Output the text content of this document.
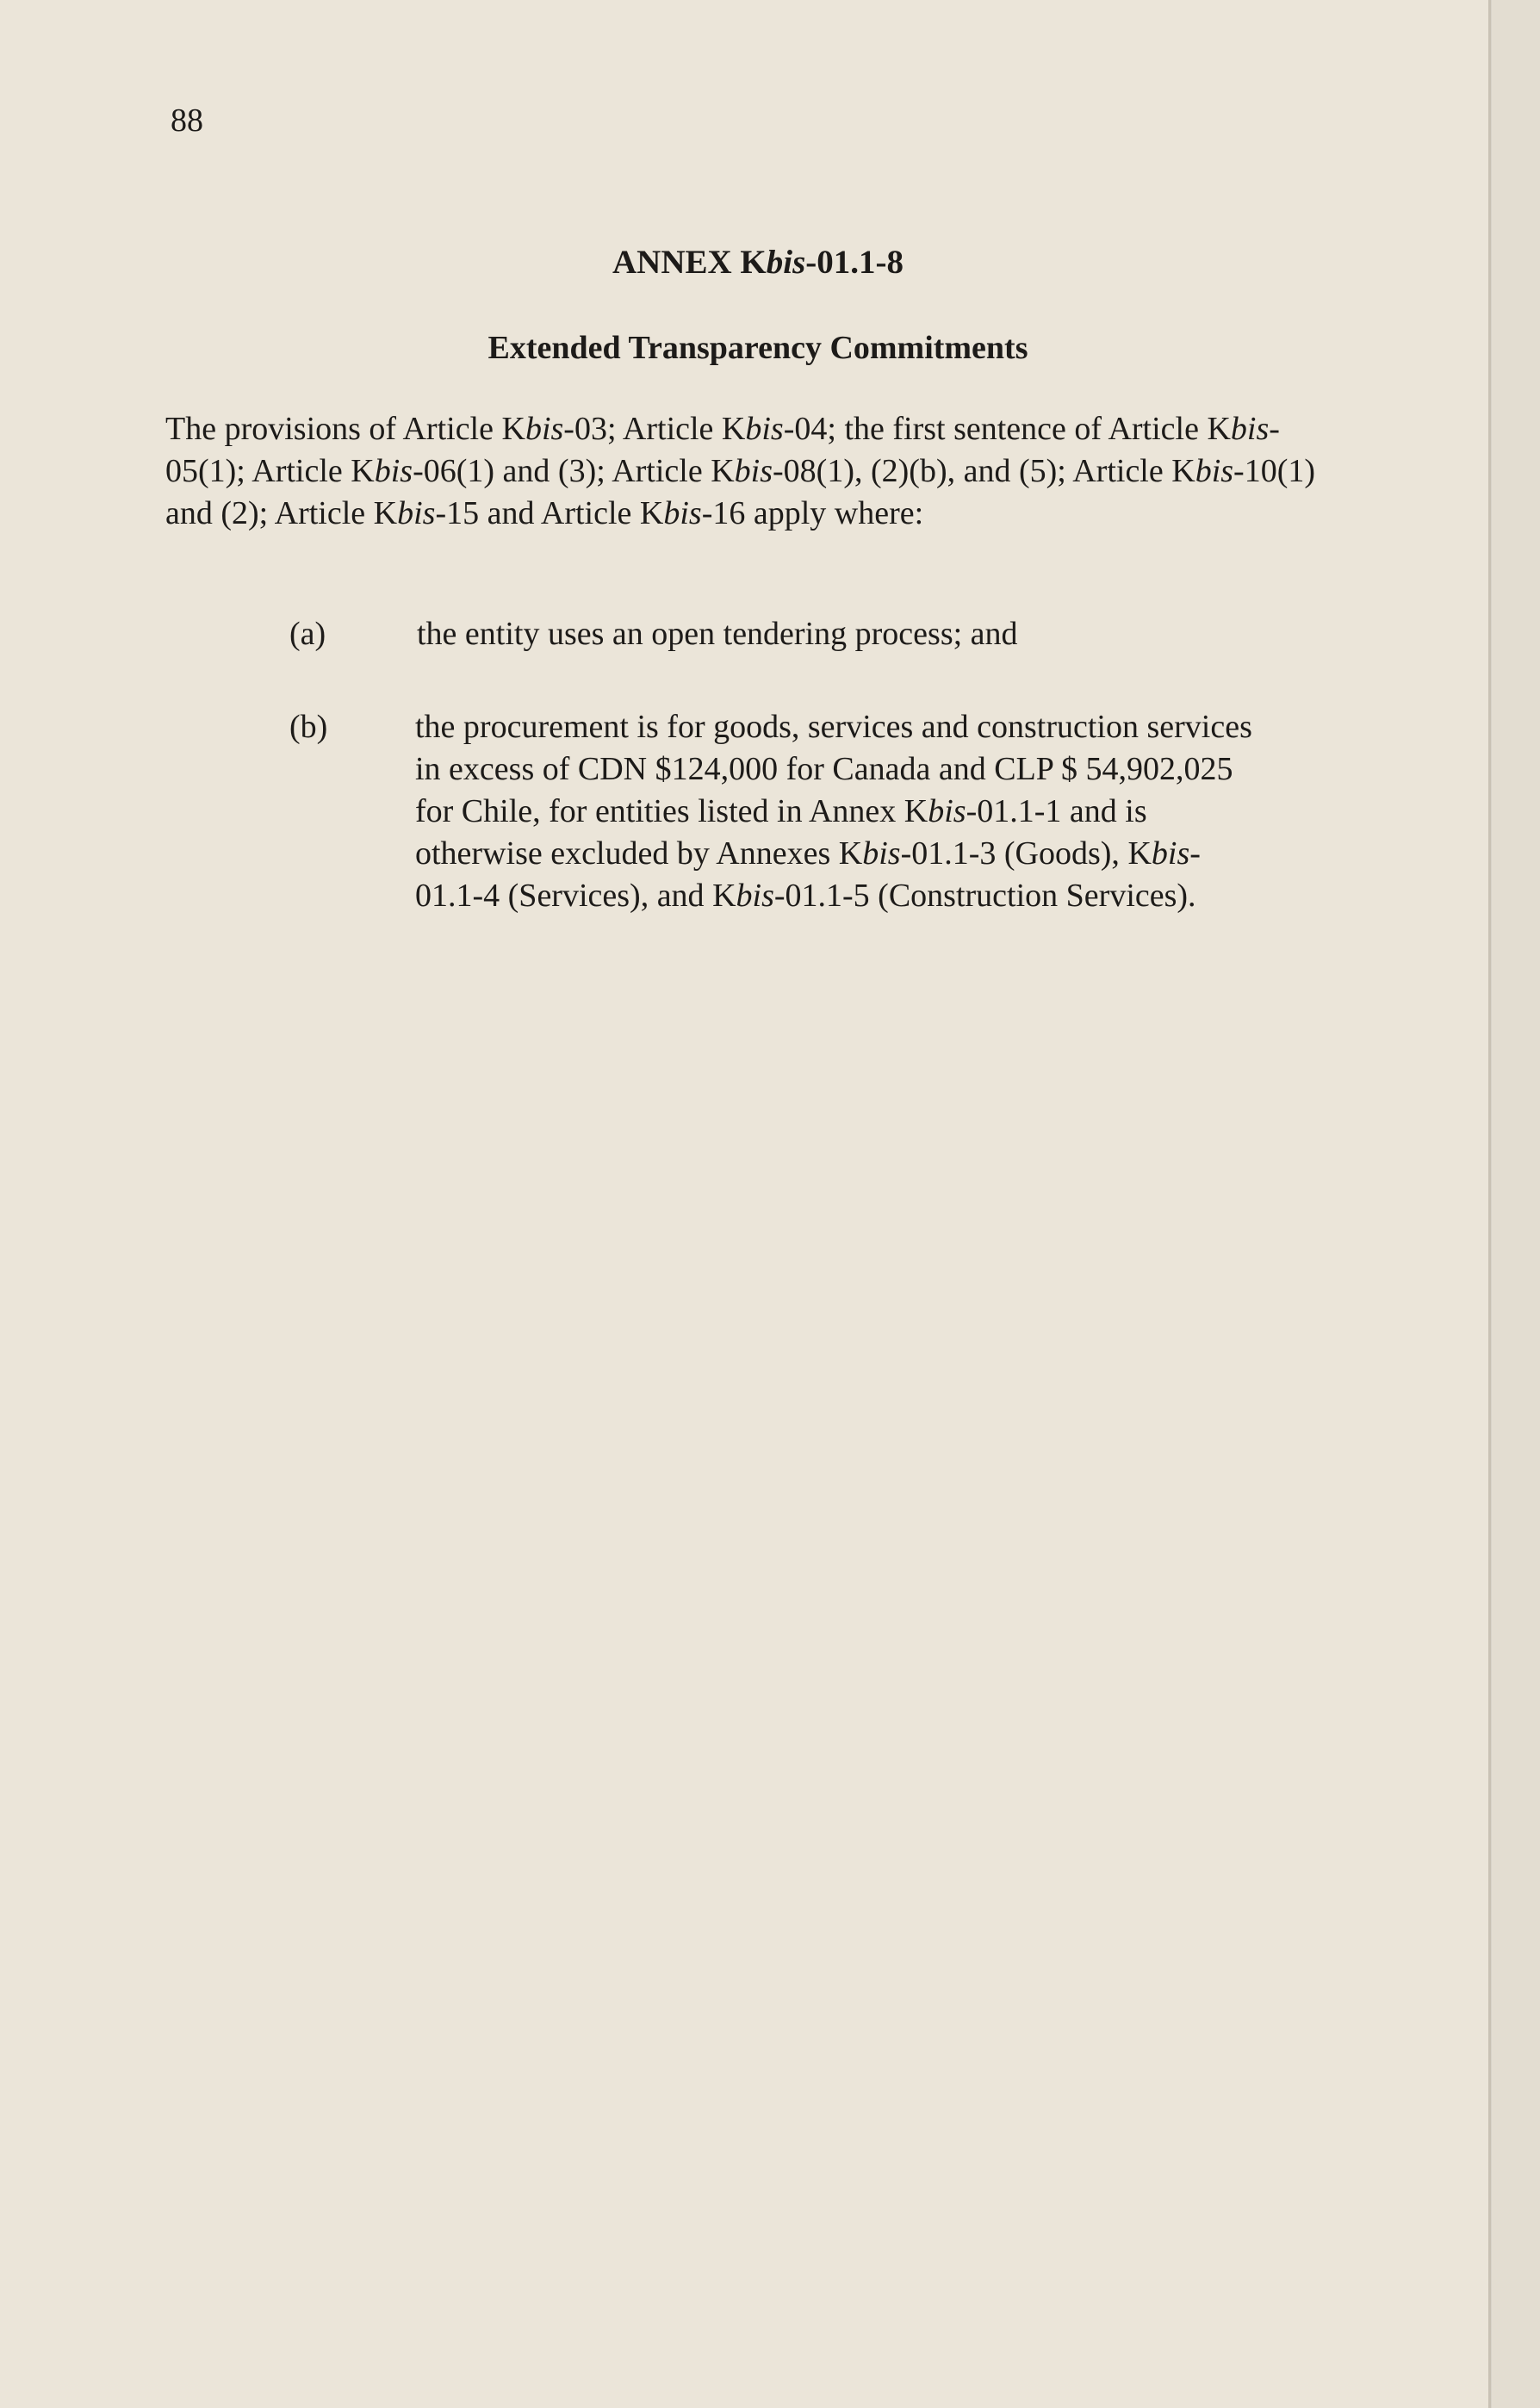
88

ANNEX Kbis-01.1-8
Extended Transparency Commitments

The provisions of Article Kbis-03; Article Kbis-04; the first sentence of Article Kbis-05(1); Article Kbis-06(1) and (3); Article Kbis-08(1), (2)(b), and (5); Article Kbis-10(1) and (2); Article Kbis-15 and Article Kbis-16 apply where:

(a)	the entity uses an open tendering process; and
(b)	the procurement is for goods, services and construction services in excess of CDN $124,000 for Canada and CLP $ 54,902,025 for Chile, for entities listed in Annex Kbis-01.1-1 and is otherwise excluded by Annexes Kbis-01.1-3 (Goods), Kbis-01.1-4 (Services), and Kbis-01.1-5 (Construction Services).
